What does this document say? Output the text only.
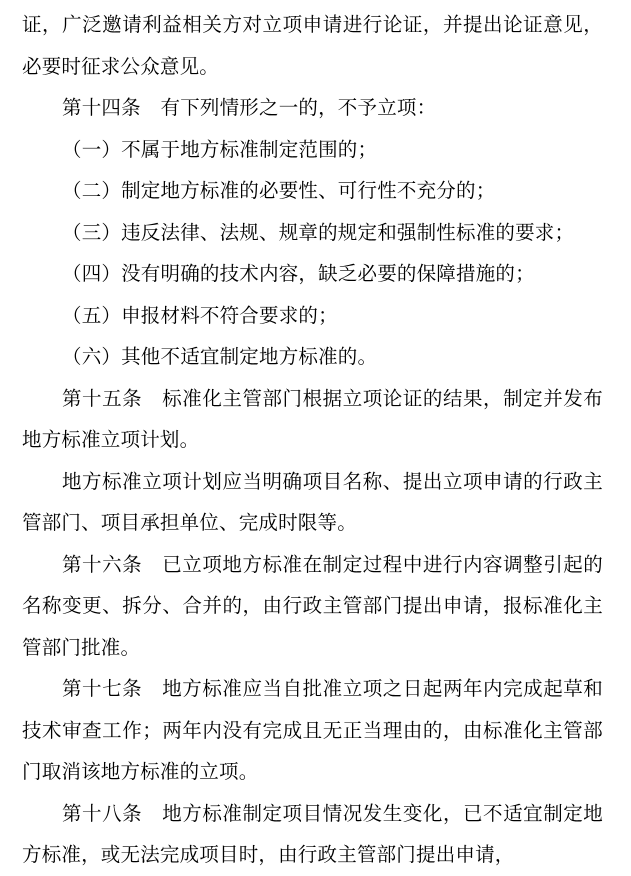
证，广泛邀请利益相关方对立项申请进行论证，并提出论证意见，必要时征求公众意见。

第十四条　有下列情形之一的，不予立项：

（一）不属于地方标准制定范围的；

（二）制定地方标准的必要性、可行性不充分的；

（三）违反法律、法规、规章的规定和强制性标准的要求；

（四）没有明确的技术内容，缺乏必要的保障措施的；

（五）申报材料不符合要求的；

（六）其他不适宜制定地方标准的。

第十五条　标准化主管部门根据立项论证的结果，制定并发布地方标准立项计划。

地方标准立项计划应当明确项目名称、提出立项申请的行政主管部门、项目承担单位、完成时限等。

第十六条　已立项地方标准在制定过程中进行内容调整引起的名称变更、拆分、合并的，由行政主管部门提出申请，报标准化主管部门批准。

第十七条　地方标准应当自批准立项之日起两年内完成起草和技术审查工作；两年内没有完成且无正当理由的，由标准化主管部门取消该地方标准的立项。

第十八条　地方标准制定项目情况发生变化，已不适宜制定地方标准，或无法完成项目时，由行政主管部门提出申请，
